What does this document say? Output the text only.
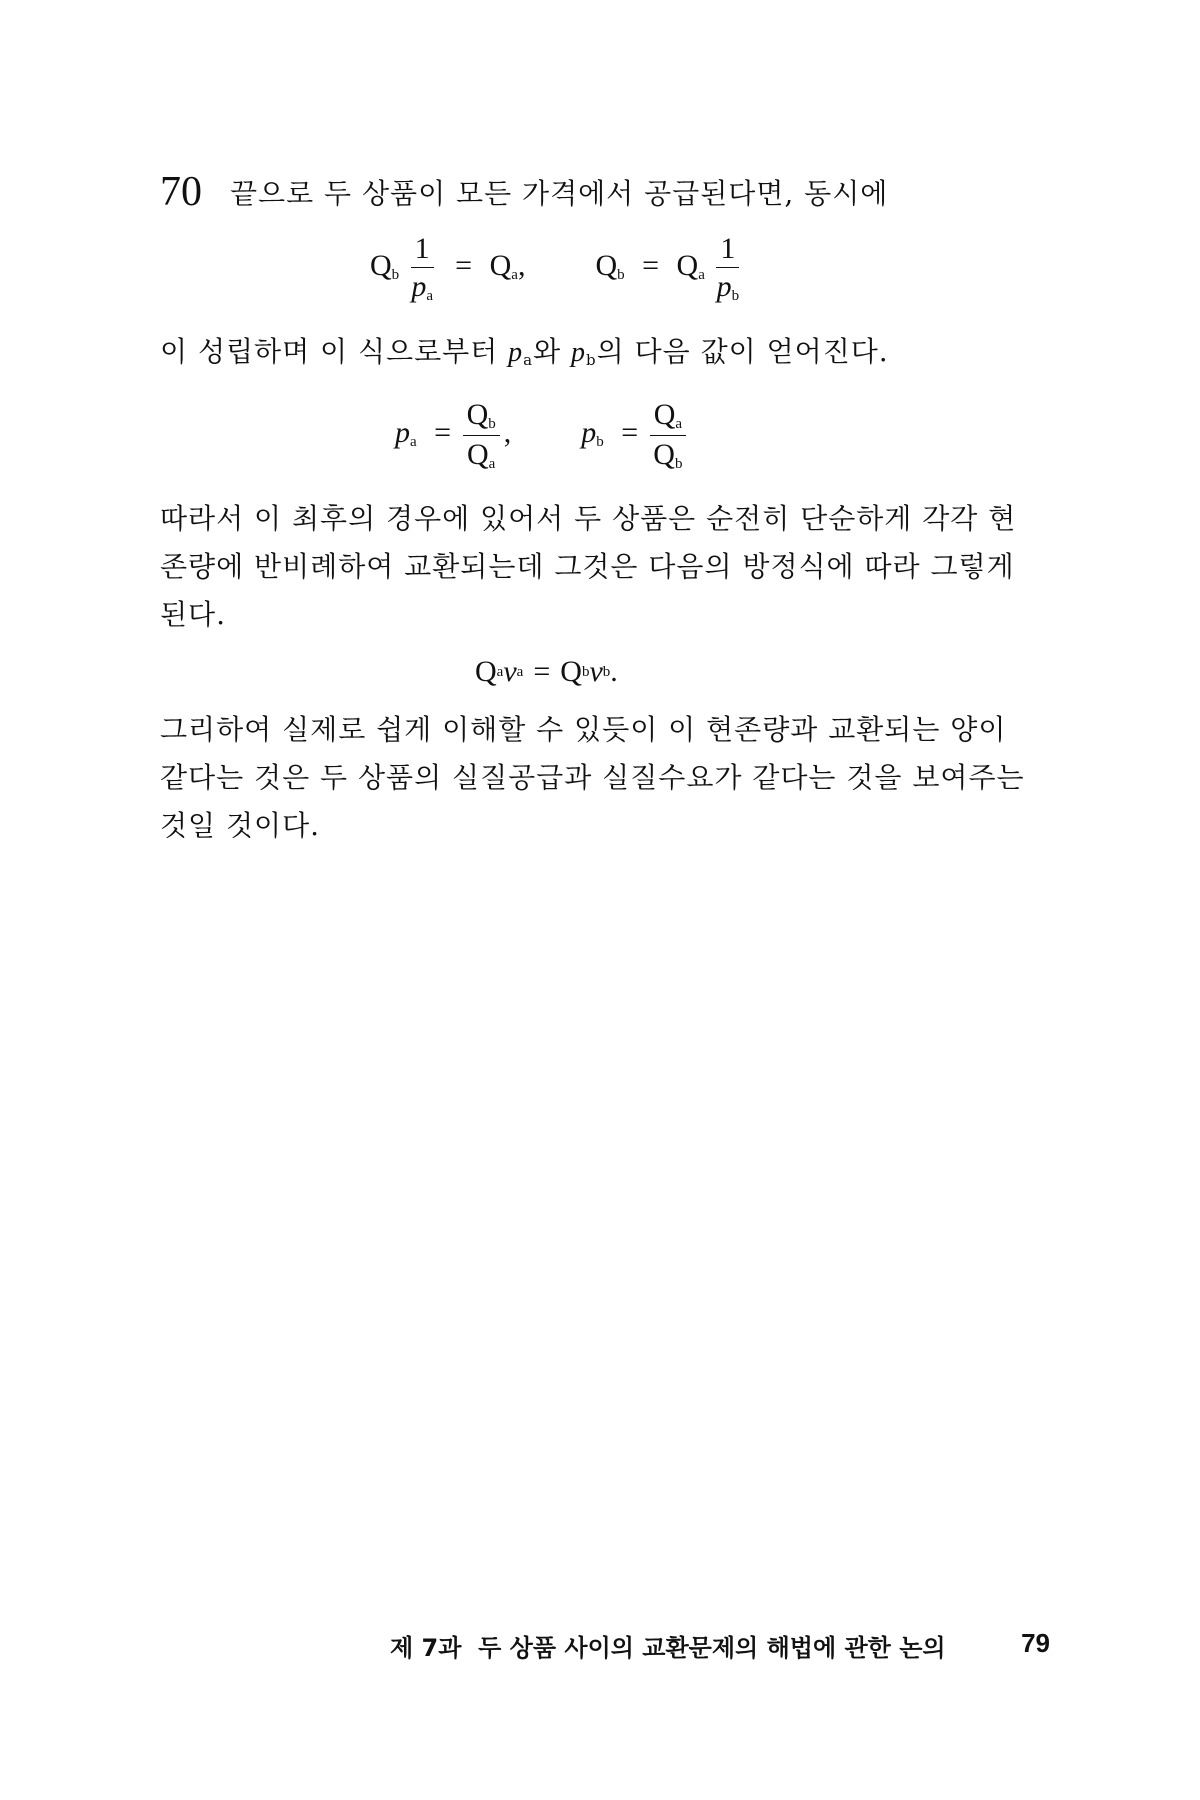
70 끝으로 두 상품이 모든 가격에서 공급된다면, 동시에
$Q_b \frac{1}{p_a} = Q_a$, $Q_b = Q_a \frac{1}{p_b}$
이 성립하며 이 식으로부터 $p_a$와 $p_b$의 다음 값이 얻어진다.
$p_a = \frac{Q_b}{Q_a}$ , $p_b = \frac{Q_a}{Q_b}$
따라서 이 최후의 경우에 있어서 두 상품은 순전히 단순하게 각각 현
존량에 반비례하여 교환되는데 그것은 다음의 방정식에 따라 그렇게
된다.
Q a v a = Q b v b .
그리하여 실제로 쉽게 이해할 수 있듯이 이 현존량과 교환되는 양이
같다는 것은 두 상품의 실질공급과 실질수요가 같다는 것을 보여주는
것일 것이다.
제 7과  두 상품 사이의 교환문제의 해법에 관한 논의	79
